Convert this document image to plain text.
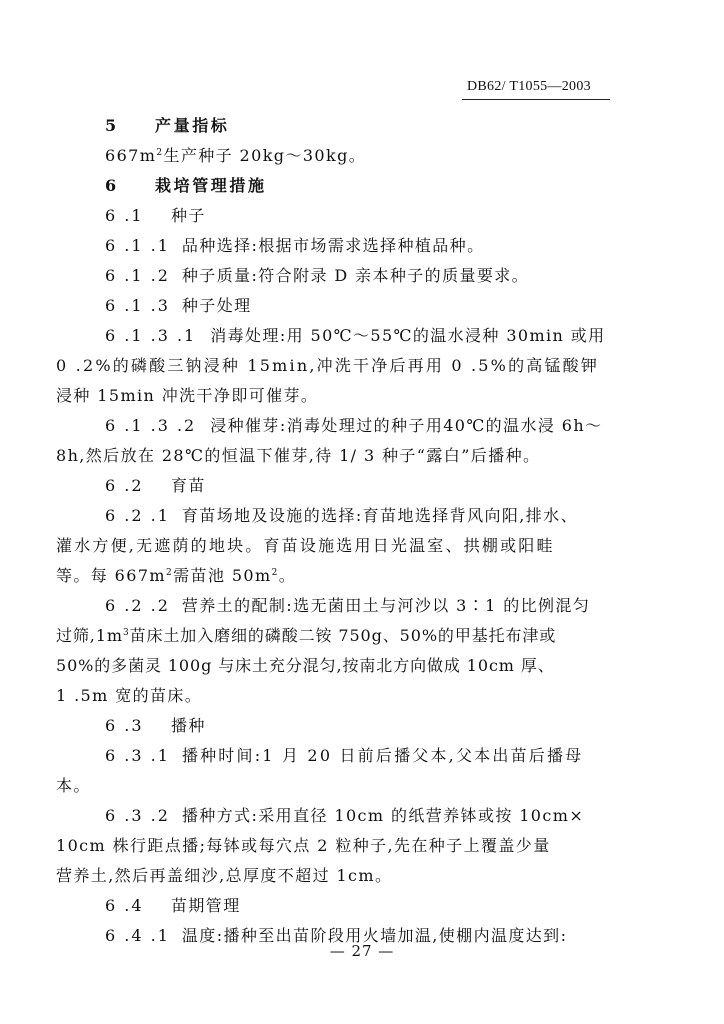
DB62/ T1055—2003
5 产量指标
$667m^2$生产种子 20kg～30kg。
6 栽培管理措施
6 .1 种子
6 .1 .1 品种选择:根据市场需求选择种植品种。
6 .1 .2 种子质量:符合附录 D 亲本种子的质量要求。
6 .1 .3 种子处理
6 .1 .3 .1 消毒处理:用 50℃～55℃的温水浸种 30min 或用
0 .2%的磷酸三钠浸种 15min,冲洗干净后再用 0 .5%的高锰酸钾
浸种 15min 冲洗干净即可催芽。
6 .1 .3 .2 浸种催芽:消毒处理过的种子用40℃的温水浸 6h～
8h,然后放在 28℃的恒温下催芽,待 1/ 3 种子“露白”后播种。
6 .2 育苗
6 .2 .1 育苗场地及设施的选择:育苗地选择背风向阳,排水、
灌水方便,无遮荫的地块。育苗设施选用日光温室、拱棚或阳畦
等。每 $667m^2$需苗池 $50m^2$。
6 .2 .2 营养土的配制:选无菌田土与河沙以 3∶1 的比例混匀
过筛$,1m^3$苗床土加入磨细的磷酸二铵 750g、50%的甲基托布津或
50%的多菌灵 100g 与床土充分混匀,按南北方向做成 10cm 厚、
1 .5m 宽的苗床。
6 .3 播种
6 .3 .1 播种时间:1 月 20 日前后播父本,父本出苗后播母
本。
6 .3 .2 播种方式:采用直径 10cm 的纸营养钵或按 10cm×
10cm 株行距点播;每钵或每穴点 2 粒种子,先在种子上覆盖少量
营养土,然后再盖细沙,总厚度不超过 1cm。
6 .4 苗期管理
6 .4 .1 温度:播种至出苗阶段用火墙加温,使棚内温度达到:
— 27 —
